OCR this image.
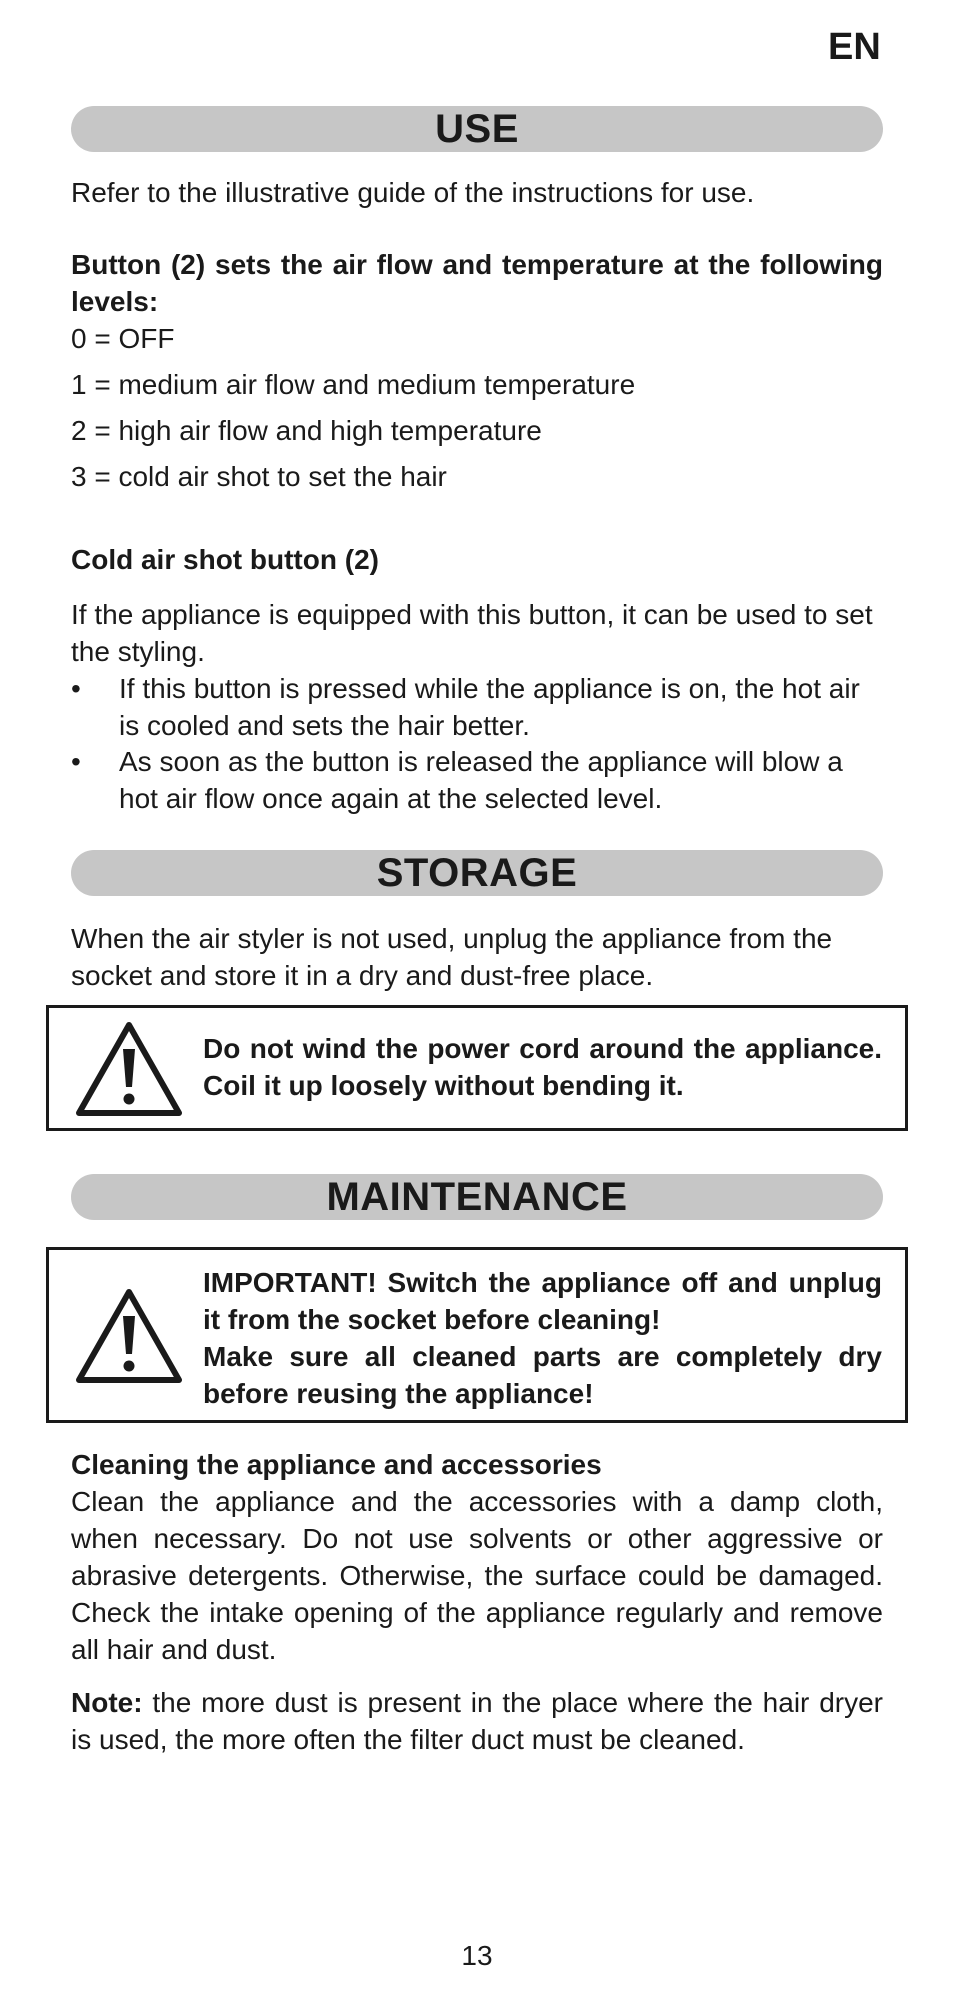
EN
USE

Refer to the illustrative guide of the instructions for use.

Button (2) sets the air flow and temperature at the following levels:

0 = OFF

1 = medium air flow and medium temperature

2 = high air flow and high temperature

3 = cold air shot to set the hair

Cold air shot button (2)

If the appliance is equipped with this button, it can be used to set the styling.

• If this button is pressed while the appliance is on, the hot air is cooled and sets the hair better.
• As soon as the button is released the appliance will blow a hot air flow once again at the selected level.
STORAGE

When the air styler is not used, unplug the appliance from the socket and store it in a dry and dust-free place.

Do not wind the power cord around the appliance. Coil it up loosely without bending it.

MAINTENANCE

IMPORTANT! Switch the appliance off and unplug it from the socket before cleaning!

Make sure all cleaned parts are completely dry before reusing the appliance!

Cleaning the appliance and accessories

Clean the appliance and the accessories with a damp cloth, when necessary. Do not use solvents or other aggressive or abrasive detergents. Otherwise, the surface could be damaged. Check the intake opening of the appliance regularly and remove all hair and dust.

Note: the more dust is present in the place where the hair dryer is used, the more often the filter duct must be cleaned.

13
